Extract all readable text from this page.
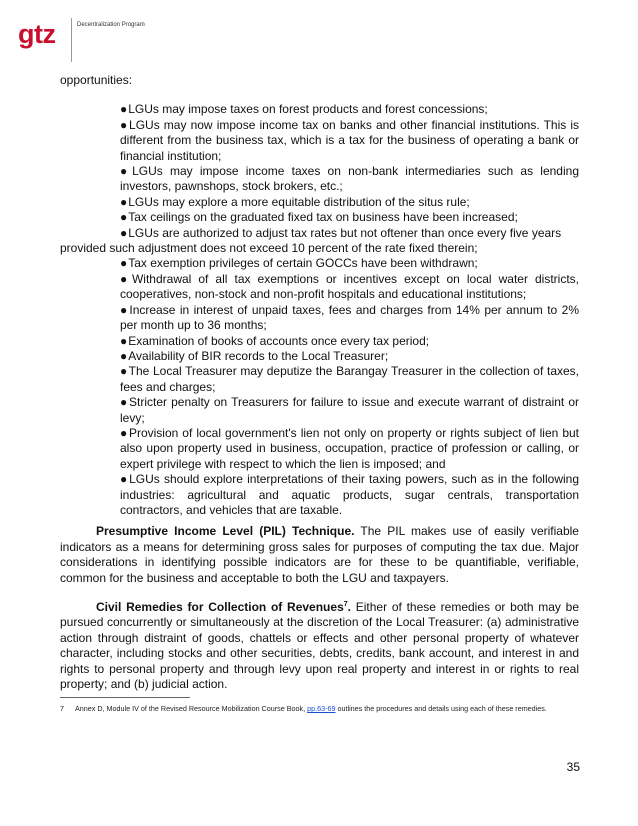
gtz	Decentralization Program

opportunities:

●LGUs may impose taxes on forest products and forest concessions;
●LGUs may now impose income tax on banks and other financial institutions. This is different from the business tax, which is a tax for the business of operating a bank or financial institution;
●LGUs may impose income taxes on non-bank intermediaries such as lending investors, pawnshops, stock brokers, etc.;
●LGUs may explore a more equitable distribution of the situs rule;
●Tax ceilings on the graduated fixed tax on business have been increased;
●LGUs are authorized to adjust tax rates but not oftener than once every five years
provided such adjustment does not exceed 10 percent of the rate fixed therein;
●Tax exemption privileges of certain GOCCs have been withdrawn;
●Withdrawal of all tax exemptions or incentives except on local water districts, cooperatives, non-stock and non-profit hospitals and educational institutions;
●Increase in interest of unpaid taxes, fees and charges from 14% per annum to 2% per month up to 36 months;
●Examination of books of accounts once every tax period;
●Availability of BIR records to the Local Treasurer;
●The Local Treasurer may deputize the Barangay Treasurer in the collection of taxes, fees and charges;
●Stricter penalty on Treasurers for failure to issue and execute warrant of distraint or levy;
●Provision of local government's lien not only on property or rights subject of lien but also upon property used in business, occupation, practice of profession or calling, or expert privilege with respect to which the lien is imposed; and
●LGUs should explore interpretations of their taxing powers, such as in the following industries: agricultural and aquatic products, sugar centrals, transportation contractors, and vehicles that are taxable.

Presumptive Income Level (PIL) Technique. The PIL makes use of easily verifiable indicators as a means for determining gross sales for purposes of computing the tax due. Major considerations in identifying possible indicators are for these to be quantifiable, verifiable, common for the business and acceptable to both the LGU and taxpayers.

Civil Remedies for Collection of Revenues$^7$. Either of these remedies or both may be pursued concurrently or simultaneously at the discretion of the Local Treasurer: (a) administrative action through distraint of goods, chattels or effects and other personal property of whatever character, including stocks and other securities, debts, credits, bank account, and interest in and rights to personal property and through levy upon real property and interest in or rights to real property; and (b) judicial action.

7 Annex D, Module IV of the Revised Resource Mobilization Course Book, pp.63-69 outlines the procedures and details using each of these remedies.
35
